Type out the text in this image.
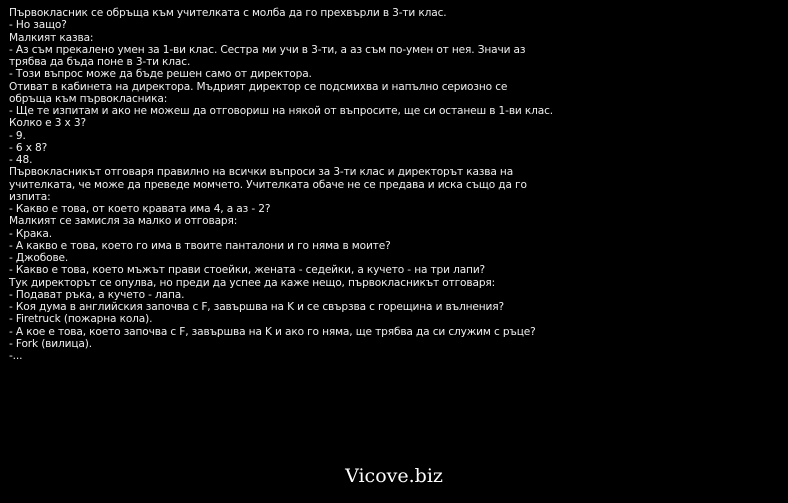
Първокласник се обръща към учителката с молба да го прехвърли в 3-ти клас.
- Но защо?
Малкият казва:
- Аз съм прекалено умен за 1-ви клас. Сестра ми учи в 3-ти, а аз съм по-умен от нея. Значи аз
трябва да бъда поне в 3-ти клас.
- Този въпрос може да бъде решен само от директора.
Отиват в кабинета на директора. Мъдрият директор се подсмихва и напълно сериозно се
обръща към първокласника:
- Ще те изпитам и ако не можеш да отговориш на някой от въпросите, ще си останеш в 1-ви клас.
Колко е 3 х 3?
- 9.
- 6 х 8?
- 48.
Първокласникът отговаря правилно на всички въпроси за 3-ти клас и директорът казва на
учителката, че може да преведе момчето. Учителката обаче не се предава и иска също да го
изпита:
- Какво е това, от което кравата има 4, а аз - 2?
Малкият се замисля за малко и отговаря:
- Крака.
- А какво е това, което го има в твоите панталони и го няма в моите?
- Джобове.
- Какво е това, което мъжът прави стоейки, жената - седейки, а кучето - на три лапи?
Тук директорът се опулва, но преди да успее да каже нещо, първокласникът отговаря:
- Подават ръка, а кучето - лапа.
- Коя дума в английския започва с F, завършва на K и се свързва с горещина и вълнения?
- Firetruck (пожарна кола).
- А кое е това, което започва с F, завършва на K и ако го няма, ще трябва да си служим с ръце?
- Fork (вилица).
-...
Vicove.biz
